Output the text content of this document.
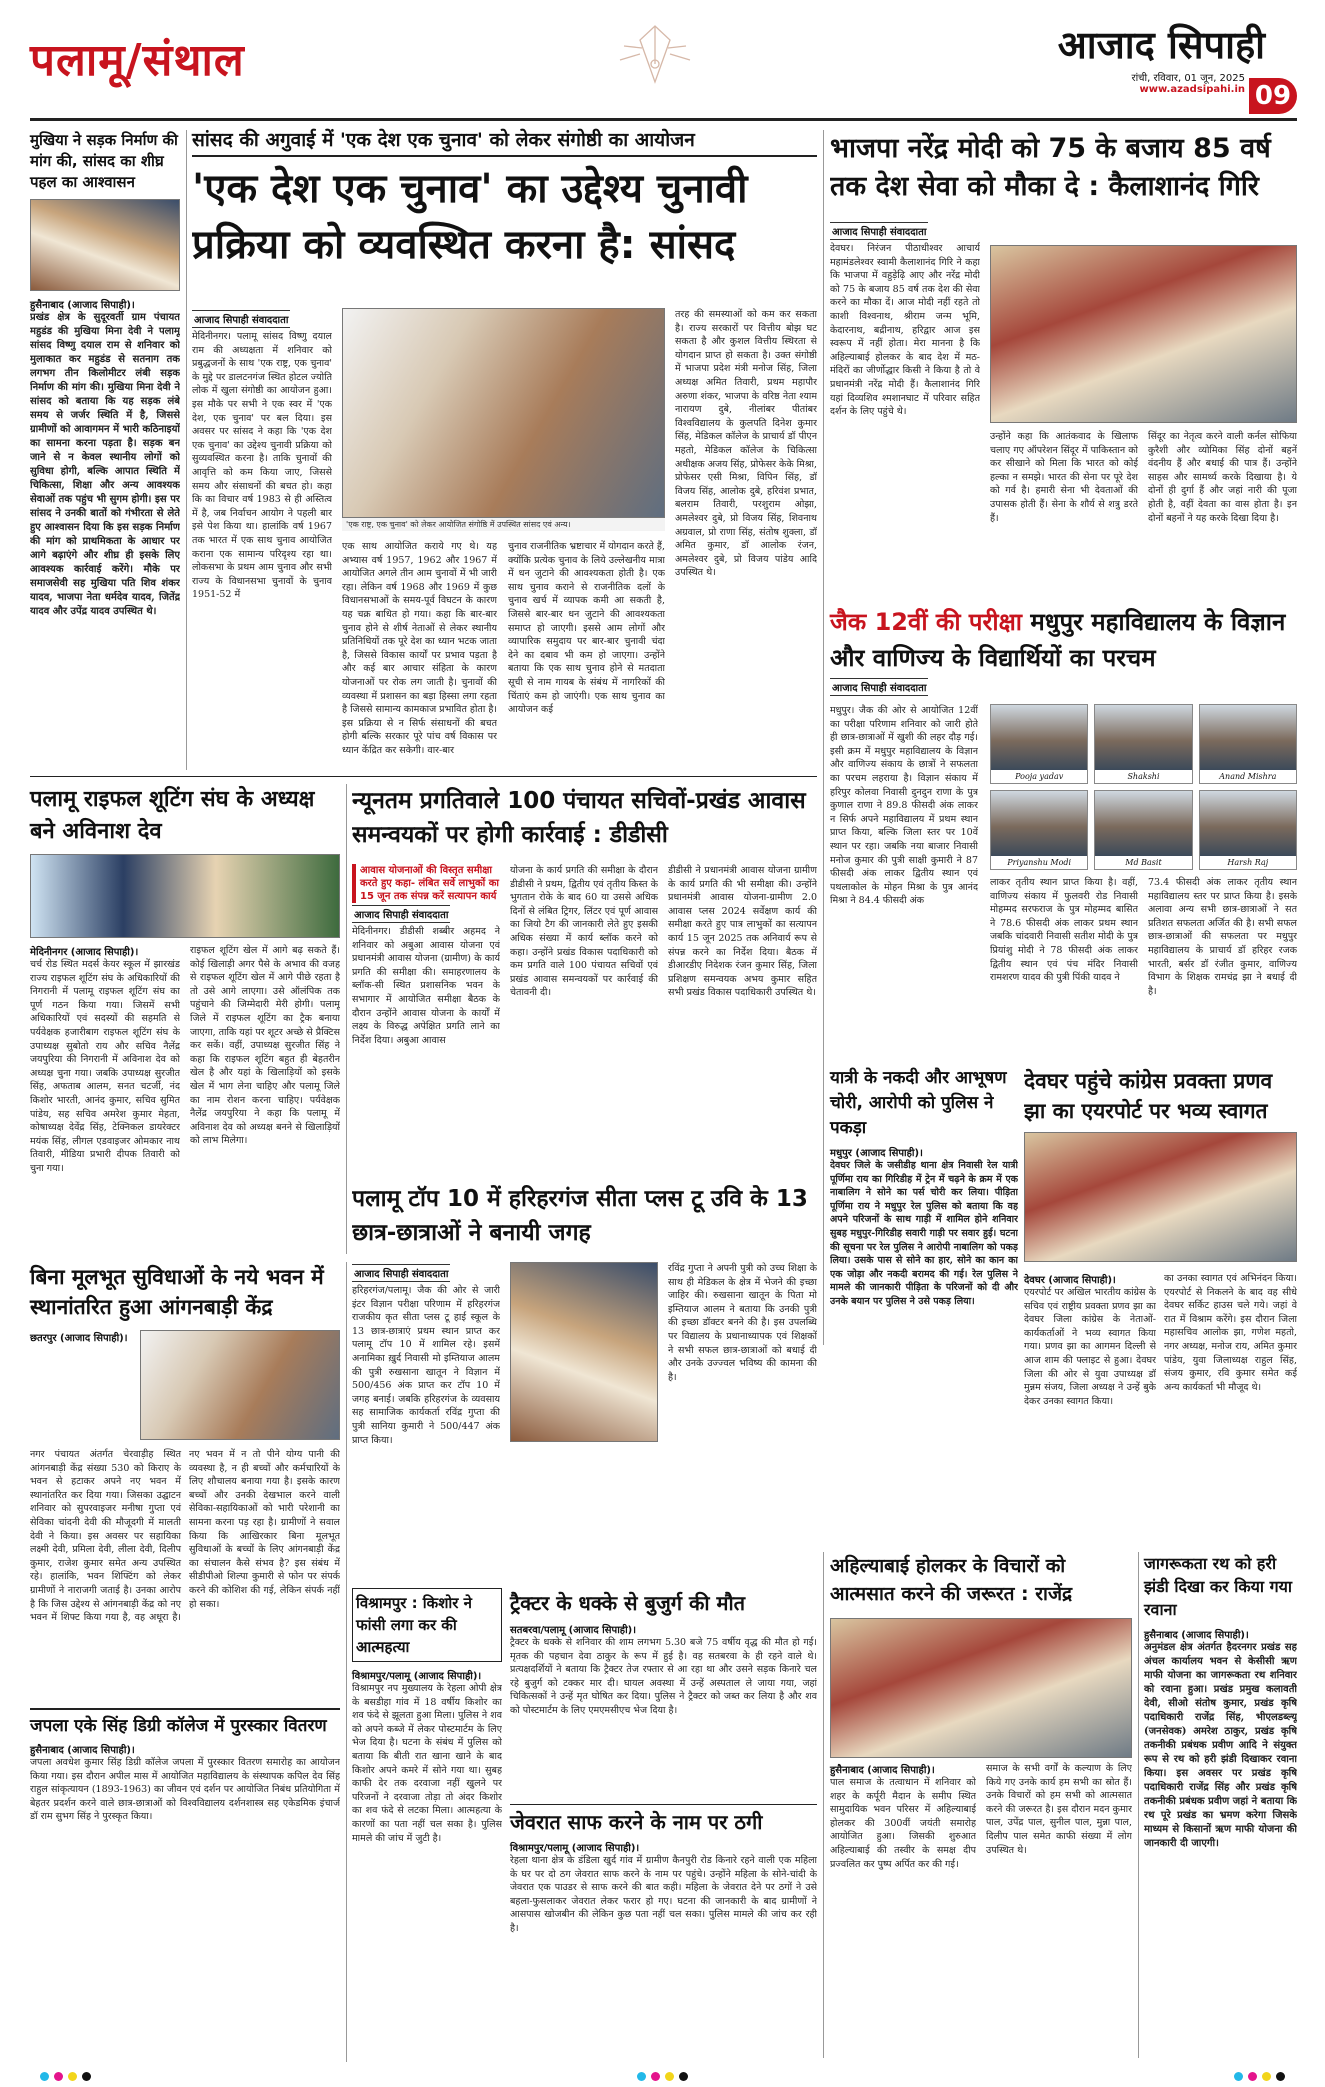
पलामू/संथाल	आजाद सिपाही
रांची, रविवार, 01 जून, 2025
www.azadsipahi.in 09
मुखिया ने सड़क निर्माण की मांग की, सांसद का शीघ्र पहल का आश्वासन
हुसैनाबाद (आजाद सिपाही)।
प्रखंड क्षेत्र के सुदूरवर्ती ग्राम पंचायत महुडंड की मुखिया मिना देवी ने पलामू सांसद विष्णु दयाल राम से शनिवार को मुलाकात कर महुडंड से सतनाग तक लगभग तीन किलोमीटर लंबी सड़क निर्माण की मांग की। मुखिया मिना देवी ने सांसद को बताया कि यह सड़क लंबे समय से जर्जर स्थिति में है, जिससे ग्रामीणों को आवागमन में भारी कठिनाइयों का सामना करना पड़ता है। सड़क बन जाने से न केवल स्थानीय लोगों को सुविधा होगी, बल्कि आपात स्थिति में चिकित्सा, शिक्षा और अन्य आवश्यक सेवाओं तक पहुंच भी सुगम होगी। इस पर सांसद ने उनकी बातों को गंभीरता से लेते हुए आश्वासन दिया कि इस सड़क निर्माण की मांग को प्राथमिकता के आधार पर आगे बढ़ाएंगे और शीघ्र ही इसके लिए आवश्यक कार्रवाई करेंगे। मौके पर समाजसेवी सह मुखिया पति शिव शंकर यादव, भाजपा नेता धर्मदेव यादव, जितेंद्र यादव और उपेंद्र यादव उपस्थित थे।
सांसद की अगुवाई में 'एक देश एक चुनाव' को लेकर संगोष्ठी का आयोजन
'एक देश एक चुनाव' का उद्देश्य चुनावी प्रक्रिया को व्यवस्थित करना है: सांसद
आजाद सिपाही संवाददाता
मेदिनीनगर। पलामू सांसद विष्णु दयाल राम की अध्यक्षता में शनिवार को प्रबुद्धजनों के साथ 'एक राष्ट्र, एक चुनाव' के मुद्दे पर डालटनगंज स्थित होटल ज्योति लोक में खुला संगोष्ठी का आयोजन हुआ। इस मौके पर सभी ने एक स्वर में 'एक देश, एक चुनाव' पर बल दिया। इस अवसर पर सांसद ने कहा कि 'एक देश एक चुनाव' का उद्देश्य चुनावी प्रक्रिया को सुव्यवस्थित करना है। ताकि चुनावों की आवृत्ति को कम किया जाए, जिससे समय और संसाधनों की बचत हो। कहा कि का विचार वर्ष 1983 से ही अस्तित्व में है, जब निर्वाचन आयोग ने पहली बार इसे पेश किया था। हालांकि वर्ष 1967 तक भारत में एक साथ चुनाव आयोजित कराना एक सामान्य परिदृश्य रहा था। लोकसभा के प्रथम आम चुनाव और सभी राज्य के विधानसभा चुनावों के चुनाव 1951-52 में
'एक राष्ट्र, एक चुनाव' को लेकर आयोजित संगोष्ठि में उपस्थित सांसद एवं अन्य।
एक साथ आयोजित कराये गए थे। यह अभ्यास वर्ष 1957, 1962 और 1967 में आयोजित अगले तीन आम चुनावों में भी जारी रहा। लेकिन वर्ष 1968 और 1969 में कुछ विधानसभाओं के समय-पूर्व विघटन के कारण यह चक्र बाधित हो गया। कहा कि बार-बार चुनाव होने से शीर्ष नेताओं से लेकर स्थानीय प्रतिनिधियों तक पूरे देश का ध्यान भटक जाता है, जिससे विकास कार्यों पर प्रभाव पड़ता है और कई बार आचार संहिता के कारण योजनाओं पर रोक लग जाती है। चुनावों की व्यवस्था में प्रशासन का बड़ा हिस्सा लगा रहता है जिससे सामान्य कामकाज प्रभावित होता है। इस प्रक्रिया से न सिर्फ संसाधनों की बचत होगी बल्कि सरकार पूरे पांच वर्ष विकास पर ध्यान केंद्रित कर सकेगी। वार-बार
चुनाव राजनीतिक भ्रष्टाचार में योगदान करते हैं, क्योंकि प्रत्येक चुनाव के लिये उल्लेखनीय मात्रा में धन जुटाने की आवश्यकता होती है। एक साथ चुनाव कराने से राजनीतिक दलों के चुनाव खर्च में व्यापक कमी आ सकती है, जिससे बार-बार धन जुटाने की आवश्यकता समाप्त हो जाएगी। इससे आम लोगों और व्यापारिक समुदाय पर बार-बार चुनावी चंदा देने का दबाव भी कम हो जाएगा। उन्होंने बताया कि एक साथ चुनाव होने से मतदाता सूची से नाम गायब के संबंध में नागरिकों की चिंताएं कम हो जाएंगी। एक साथ चुनाव का आयोजन कई
तरह की समस्याओं को कम कर सकता है। राज्य सरकारों पर वित्तीय बोझ घट सकता है और कुशल वित्तीय स्थिरता से योगदान प्राप्त हो सकता है। उक्त संगोष्ठी में भाजपा प्रदेश मंत्री मनोज सिंह, जिला अध्यक्ष अमित तिवारी, प्रथम महापौर अरुणा शंकर, भाजपा के वरिष्ठ नेता श्याम नारायण दुबे, नीलांबर पीतांबर विश्वविद्यालय के कुलपति दिनेश कुमार सिंह, मेडिकल कॉलेज के प्राचार्य डॉ पीएन महतो, मेडिकल कॉलेज के चिकित्सा अधीक्षक अजय सिंह, प्रोफेसर केके मिश्रा, प्रोफेसर एसी मिश्रा, विपिन सिंह, डॉ विजय सिंह, आलोक दुबे, हरिवंश प्रभात, बलराम तिवारी, परशुराम ओझा, अमलेश्वर दुबे, प्रो विजय सिंह, शिवनाथ अग्रवाल, प्रो राणा सिंह, संतोष शुक्ला, डॉ अमित कुमार, डॉ आलोक रंजन, अमलेश्वर दुबे, प्रो विजय पांडेय आदि उपस्थित थे।
भाजपा नरेंद्र मोदी को 75 के बजाय 85 वर्ष तक देश सेवा को मौका दे : कैलाशानंद गिरि
आजाद सिपाही संवाददाता
देवघर। निरंजन पीठाधीश्वर आचार्य महामंडलेश्वर स्वामी कैलाशानंद गिरि ने कहा कि भाजपा में वहुड़ेढ़ि आए और नरेंद्र मोदी को 75 के बजाय 85 वर्ष तक देश की सेवा करने का मौका दें। आज मोदी नहीं रहते तो काशी विश्वनाथ, श्रीराम जन्म भूमि, केदारनाथ, बद्रीनाथ, हरिद्वार आज इस स्वरूप में नहीं होता। मेरा मानना है कि अहिल्याबाई होलकर के बाद देश में मठ-मंदिरों का जीर्णोद्धार किसी ने किया है तो वे प्रधानमंत्री नरेंद्र मोदी हैं। कैलाशानंद गिरि यहां दिव्यशिव श्मशानघाट में परिवार सहित दर्शन के लिए पहुंचे थे।
उन्होंने कहा कि आतंकवाद के खिलाफ चलाए गए ऑपरेशन सिंदूर में पाकिस्तान को कर सीखाने को मिला कि भारत को कोई हल्का न समझे। भारत की सेना पर पूरे देश को गर्व है। हमारी सेना भी देवताओं की उपासक होती हैं। सेना के शौर्य से शत्रु डरते हैं।
सिंदूर का नेतृत्व करने वाली कर्नल सोफिया कुरैशी और व्योमिका सिंह दोनों बहनें वंदनीय हैं और बधाई की पात्र हैं। उन्होंने साहस और सामर्थ्य करके दिखाया है। ये दोनों ही दुर्गा हैं और जहां नारी की पूजा होती है, वहीं देवता का वास होता है। इन दोनों बहनों ने यह करके दिखा दिया है।
जैक 12वीं की परीक्षा मधुपुर महाविद्यालय के विज्ञान और वाणिज्य के विद्यार्थियों का परचम
आजाद सिपाही संवाददाता
मधुपुर। जैक की ओर से आयोजित 12वीं का परीक्षा परिणाम शनिवार को जारी होते ही छात्र-छात्राओं में खुशी की लहर दौड़ गई। इसी क्रम में मधुपुर महाविद्यालय के विज्ञान और वाणिज्य संकाय के छात्रों ने सफलता का परचम लहराया है। विज्ञान संकाय में हरिपुर कोलवा निवासी दुनदुन राणा के पुत्र कुणाल राणा ने 89.8 फीसदी अंक लाकर न सिर्फ अपने महाविद्यालय में प्रथम स्थान प्राप्त किया, बल्कि जिला स्तर पर 10वें स्थान पर रहा। जबकि नया बाजार निवासी मनोज कुमार की पुत्री साक्षी कुमारी ने 87 फीसदी अंक लाकर द्वितीय स्थान एवं पथलाकोल के मोहन मिश्रा के पुत्र आनंद मिश्रा ने 84.4 फीसदी अंक
Pooja yadav	Shakshi	Anand Mishra
Priyanshu Modi	Md Basit	Harsh Raj
लाकर तृतीय स्थान प्राप्त किया है। वहीं, वाणिज्य संकाय में फुलवरी रोड निवासी मोहम्मद सरफराज के पुत्र मोहम्मद बासित ने 78.6 फीसदी अंक लाकर प्रथम स्थान जबकि चांदवारी निवासी सतीश मोदी के पुत्र प्रियांशु मोदी ने 78 फीसदी अंक लाकर द्वितीय स्थान एवं पंच मंदिर निवासी रामशरण यादव की पुत्री पिंकी यादव ने
73.4 फीसदी अंक लाकर तृतीय स्थान महाविद्यालय स्तर पर प्राप्त किया है। इसके अलावा अन्य सभी छात्र-छात्राओं ने सत प्रतिशत सफलता अर्जित की है। सभी सफल छात्र-छात्राओं की सफलता पर मधुपुर महाविद्यालय के प्राचार्य डॉ हरिहर रजक भारती, बर्सर डॉ रंजीत कुमार, वाणिज्य विभाग के शिक्षक रामचंद्र झा ने बधाई दी है।
पलामू राइफल शूटिंग संघ के अध्यक्ष बने अविनाश देव
मेदिनीनगर (आजाद सिपाही)।
चर्च रोड स्थित मदर्स केयर स्कूल में झारखंड राज्य राइफल शूटिंग संघ के अधिकारियों की निगरानी में पलामू राइफल शूटिंग संघ का पूर्ण गठन किया गया। जिसमें सभी अधिकारियों एवं सदस्यों की सहमति से पर्यवेक्षक हजारीबाग राइफल शूटिंग संघ के उपाध्यक्ष सुबोतो राय और सचिव नैलेंद्र जयपुरिया की निगरानी में अविनाश देव को अध्यक्ष चुना गया। जबकि उपाध्यक्ष सुरजीत सिंह, अफताब आलम, सनत चटर्जी, नंद किशोर भारती, आनंद कुमार, सचिव सुमित पांडेय, सह सचिव अमरेश कुमार मेहता, कोषाध्यक्ष देवेंद्र सिंह, टेक्निकल डायरेक्टर मयंक सिंह, लीगल एडवाइजर ओमकार नाथ तिवारी, मीडिया प्रभारी दीपक तिवारी को चुना गया।
राइफल शूटिंग खेल में आगे बढ़ सकते हैं। कोई खिलाड़ी अगर पैसे के अभाव की वजह से राइफल शूटिंग खेल में आगे पीछे रहता है तो उसे आगे लाएगा। उसे ऑलंपिक तक पहुंचाने की जिम्मेदारी मेरी होगी। पलामू जिले में राइफल शूटिंग का ट्रैक बनाया जाएगा, ताकि यहां पर शूटर अच्छे से प्रैक्टिस कर सकें। वहीं, उपाध्यक्ष सुरजीत सिंह ने कहा कि राइफल शूटिंग बहुत ही बेहतरीन खेल है और यहां के खिलाड़ियों को इसके खेल में भाग लेना चाहिए और पलामू जिले का नाम रोशन करना चाहिए। पर्यवेक्षक नैलेंद्र जयपुरिया ने कहा कि पलामू में अविनाश देव को अध्यक्ष बनने से खिलाड़ियों को लाभ मिलेगा।
न्यूनतम प्रगतिवाले 100 पंचायत सचिवों-प्रखंड आवास समन्वयकों पर होगी कार्रवाई : डीडीसी
आवास योजनाओं की विस्तृत समीक्षा करते हुए कहा- लंबित सर्वे लाभुकों का 15 जून तक संपन्न करें सत्यापन कार्य
आजाद सिपाही संवाददाता
मेदिनीनगर। डीडीसी शब्बीर अहमद ने शनिवार को अबुआ आवास योजना एवं प्रधानमंत्री आवास योजना (ग्रामीण) के कार्य प्रगति की समीक्षा की। समाहरणालय के ब्लॉक-सी स्थित प्रशासनिक भवन के सभागार में आयोजित समीक्षा बैठक के दौरान उन्होंने आवास योजना के कार्यों में लक्ष्य के विरुद्ध अपेक्षित प्रगति लाने का निर्देश दिया। अबुआ आवास
योजना के कार्य प्रगति की समीक्षा के दौरान डीडीसी ने प्रथम, द्वितीय एवं तृतीय किस्त के भुगतान रोके के बाद 60 या उससे अधिक दिनों से लंबित ट्रिगर, लिंटर एवं पूर्ण आवास का जियो टैग की जानकारी लेते हुए इसकी अधिक संख्या में कार्य ब्लॉक करने को कहा। उन्होंने प्रखंड विकास पदाधिकारी को कम प्रगति वाले 100 पंचायत सचिवों एवं प्रखंड आवास समन्वयकों पर कार्रवाई की चेतावनी दी।
डीडीसी ने प्रधानमंत्री आवास योजना ग्रामीण के कार्य प्रगति की भी समीक्षा की। उन्होंने प्रधानमंत्री आवास योजना-ग्रामीण 2.0 आवास प्लस 2024 सर्वेक्षण कार्य की समीक्षा करते हुए पात्र लाभुकों का सत्यापन कार्य 15 जून 2025 तक अनिवार्य रूप से संपन्न करने का निर्देश दिया। बैठक में डीआरडीए निदेशक रंजन कुमार सिंह, जिला प्रशिक्षण समन्वयक अभय कुमार सहित सभी प्रखंड विकास पदाधिकारी उपस्थित थे।
पलामू टॉप 10 में हरिहरगंज सीता प्लस टू उवि के 13 छात्र-छात्राओं ने बनायी जगह
आजाद सिपाही संवाददाता
हरिहरगंज/पलामू। जैक की ओर से जारी इंटर विज्ञान परीक्षा परिणाम में हरिहरगंज राजकीय कृत सीता प्लस टू हाई स्कूल के 13 छात्र-छात्राएं प्रथम स्थान प्राप्त कर पलामू टॉप 10 में शामिल रहे। इसमें अनामिका ख़ुर्द निवासी मो इम्तियाज आलम की पुत्री रुखसाना खातून ने विज्ञान में 500/456 अंक प्राप्त कर टॉप 10 में जगह बनाई। जबकि हरिहरगंज के व्यवसाय सह सामाजिक कार्यकर्ता रविंद्र गुप्ता की पुत्री सानिया कुमारी ने 500/447 अंक प्राप्त किया।
रविंद्र गुप्ता ने अपनी पुत्री को उच्च शिक्षा के साथ ही मेडिकल के क्षेत्र में भेजने की इच्छा जाहिर की। रुखसाना खातून के पिता मो इम्तियाज आलम ने बताया कि उनकी पुत्री की इच्छा डॉक्टर बनने की है। इस उपलब्धि पर विद्यालय के प्रधानाध्यापक एवं शिक्षकों ने सभी सफल छात्र-छात्राओं को बधाई दी और उनके उज्ज्वल भविष्य की कामना की है।
यात्री के नकदी और आभूषण चोरी, आरोपी को पुलिस ने पकड़ा
मधुपुर (आजाद सिपाही)।
देवघर जिले के जसीडीह थाना क्षेत्र निवासी रेल यात्री पूर्णिमा राय का गिरिडीह में ट्रेन में चढ़ने के क्रम में एक नाबालिग ने सोने का पर्स चोरी कर लिया। पीड़िता पूर्णिमा राय ने मधुपुर रेल पुलिस को बताया कि वह अपने परिजनों के साथ गाड़ी में शामिल होने शनिवार सुबह मधुपुर-गिरिडीह सवारी गाड़ी पर सवार हुई। घटना की सूचना पर रेल पुलिस ने आरोपी नाबालिग को पकड़ लिया। उसके पास से सोने का हार, सोने का कान का एक जोड़ा और नकदी बरामद की गई। रेल पुलिस ने मामले की जानकारी पीड़िता के परिजनों को दी और उनके बयान पर पुलिस ने उसे पकड़ लिया।
देवघर पहुंचे कांग्रेस प्रवक्ता प्रणव झा का एयरपोर्ट पर भव्य स्वागत
देवघर (आजाद सिपाही)।
एयरपोर्ट पर अखिल भारतीय कांग्रेस के सचिव एवं राष्ट्रीय प्रवक्ता प्रणव झा का देवघर जिला कांग्रेस के नेताओं-कार्यकर्ताओं ने भव्य स्वागत किया गया। प्रणव झा का आगमन दिल्ली से आज शाम की फ्लाइट से हुआ। देवघर जिला की ओर से युवा उपाध्यक्ष डॉ मुन्नम संजय, जिला अध्यक्ष ने उन्हें बुके देकर उनका स्वागत किया।
का उनका स्वागत एवं अभिनंदन किया। एयरपोर्ट से निकलने के बाद वह सीधे देवघर सर्किट हाउस चले गये। जहां वे रात में विश्राम करेंगे। इस दौरान जिला महासचिव आलोक झा, गणेश महतो, नगर अध्यक्ष, मनोज राय, अमित कुमार पांडेय, युवा जिलाध्यक्ष राहुल सिंह, संजय कुमार, रवि कुमार समेत कई अन्य कार्यकर्ता भी मौजूद थे।
बिना मूलभूत सुविधाओं के नये भवन में स्थानांतरित हुआ आंगनबाड़ी केंद्र
छतरपुर (आजाद सिपाही)।
नगर पंचायत अंतर्गत चेरवाड़ीह स्थित आंगनबाड़ी केंद्र संख्या 530 को किराए के भवन से हटाकर अपने नए भवन में स्थानांतरित कर दिया गया। जिसका उद्घाटन शनिवार को सुपरवाइजर मनीषा गुप्ता एवं सेविका चांदनी देवी की मौजूदगी में मालती देवी ने किया। इस अवसर पर सहायिका लक्ष्मी देवी, प्रमिला देवी, लीला देवी, दिलीप कुमार, राजेश कुमार समेत अन्य उपस्थित रहे। हालांकि, भवन शिफ्टिंग को लेकर ग्रामीणों ने नाराजगी जताई है। उनका आरोप है कि जिस उद्देश्य से आंगनबाड़ी केंद्र को नए भवन में शिफ्ट किया गया है, वह अधूरा है। नए भवन में न तो पीने योग्य पानी की व्यवस्था है, न ही बच्चों और कर्मचारियों के लिए शौचालय बनाया गया है। इसके कारण बच्चों और उनकी देखभाल करने वाली सेविका-सहायिकाओं को भारी परेशानी का सामना करना पड़ रहा है। ग्रामीणों ने सवाल किया कि आखिरकार बिना मूलभूत सुविधाओं के बच्चों के लिए आंगनबाड़ी केंद्र का संचालन कैसे संभव है? इस संबंध में सीडीपीओ शिल्पा कुमारी से फोन पर संपर्क करने की कोशिश की गई, लेकिन संपर्क नहीं हो सका।
जपला एके सिंह डिग्री कॉलेज में पुरस्कार वितरण
हुसैनाबाद (आजाद सिपाही)।
जपला अवधेश कुमार सिंह डिग्री कॉलेज जपला में पुरस्कार वितरण समारोह का आयोजन किया गया। इस दौरान अपील मास में आयोजित महाविद्यालय के संस्थापक कपिल देव सिंह राहुल सांकृत्यायन (1893-1963) का जीवन एवं दर्शन पर आयोजित निबंध प्रतियोगिता में बेहतर प्रदर्शन करने वाले छात्र-छात्राओं को विश्वविद्यालय दर्शनशास्त्र सह एकेडमिक इंचार्ज डॉ राम सुभग सिंह ने पुरस्कृत किया।
विश्रामपुर : किशोर ने फांसी लगा कर की आत्महत्या
विश्रामपुर/पलामू (आजाद सिपाही)।
विश्रामपुर नप मुख्यालय के रेहला ओपी क्षेत्र के बसडीहा गांव में 18 वर्षीय किशोर का शव फंदे से झूलता हुआ मिला। पुलिस ने शव को अपने कब्जे में लेकर पोस्टमार्टम के लिए भेज दिया है। घटना के संबंध में पुलिस को बताया कि बीती रात खाना खाने के बाद किशोर अपने कमरे में सोने गया था। सुबह काफी देर तक दरवाजा नहीं खुलने पर परिजनों ने दरवाजा तोड़ा तो अंदर किशोर का शव फंदे से लटका मिला। आत्महत्या के कारणों का पता नहीं चल सका है। पुलिस मामले की जांच में जुटी है।
ट्रैक्टर के धक्के से बुजुर्ग की मौत
सतबरवा/पलामू (आजाद सिपाही)।
ट्रैक्टर के धक्के से शनिवार की शाम लगभग 5.30 बजे 75 वर्षीय वृद्ध की मौत हो गई। मृतक की पहचान देवा ठाकुर के रूप में हुई है। वह सतबरवा के ही रहने वाले थे। प्रत्यक्षदर्शियों ने बताया कि ट्रैक्टर तेज रफ्तार से आ रहा था और उसने सड़क किनारे चल रहे बुजुर्ग को टक्कर मार दी। घायल अवस्था में उन्हें अस्पताल ले जाया गया, जहां चिकित्सकों ने उन्हें मृत घोषित कर दिया। पुलिस ने ट्रैक्टर को जब्त कर लिया है और शव को पोस्टमार्टम के लिए एमएमसीएच भेज दिया है।
जेवरात साफ करने के नाम पर ठगी
विश्रामपुर/पलामू (आजाद सिपाही)।
रेहला थाना क्षेत्र के डंडिला खुर्द गांव में ग्रामीण कैनपुरी रोड किनारे रहने वाली एक महिला के घर पर दो ठग जेवरात साफ करने के नाम पर पहुंचे। उन्होंने महिला के सोने-चांदी के जेवरात एक पाउडर से साफ करने की बात कही। महिला के जेवरात देने पर ठगों ने उसे बहला-फुसलाकर जेवरात लेकर फरार हो गए। घटना की जानकारी के बाद ग्रामीणों ने आसपास खोजबीन की लेकिन कुछ पता नहीं चल सका। पुलिस मामले की जांच कर रही है।
अहिल्याबाई होलकर के विचारों को आत्मसात करने की जरूरत : राजेंद्र
हुसैनाबाद (आजाद सिपाही)।
पाल समाज के तत्वाधान में शनिवार को शहर के कर्पूरी मैदान के समीप स्थित सामुदायिक भवन परिसर में अहिल्याबाई होलकर की 300वीं जयंती समारोह आयोजित हुआ। जिसकी शुरुआत अहिल्याबाई की तस्वीर के समक्ष दीप प्रज्वलित कर पुष्प अर्पित कर की गई।
समाज के सभी वर्गों के कल्याण के लिए किये गए उनके कार्य हम सभी का स्रोत हैं। उनके विचारों को हम सभी को आत्मसात करने की जरूरत है। इस दौरान मदन कुमार पाल, उपेंद्र पाल, सुनील पाल, मुन्ना पाल, दिलीप पाल समेत काफी संख्या में लोग उपस्थित थे।
जागरूकता रथ को हरी झंडी दिखा कर किया गया रवाना
हुसैनाबाद (आजाद सिपाही)।
अनुमंडल क्षेत्र अंतर्गत हैदरनगर प्रखंड सह अंचल कार्यालय भवन से केसीसी ऋण माफी योजना का जागरूकता रथ शनिवार को रवाना हुआ। प्रखंड प्रमुख कलावती देवी, सीओ संतोष कुमार, प्रखंड कृषि पदाधिकारी राजेंद्र सिंह, भीएलडब्ल्यू (जनसेवक) अमरेश ठाकुर, प्रखंड कृषि तकनीकी प्रबंधक प्रवीण आदि ने संयुक्त रूप से रथ को हरी झंडी दिखाकर रवाना किया। इस अवसर पर प्रखंड कृषि पदाधिकारी राजेंद्र सिंह और प्रखंड कृषि तकनीकी प्रबंधक प्रवीण जहां ने बताया कि रथ पूरे प्रखंड का भ्रमण करेगा जिसके माध्यम से किसानों ऋण माफी योजना की जानकारी दी जाएगी।
